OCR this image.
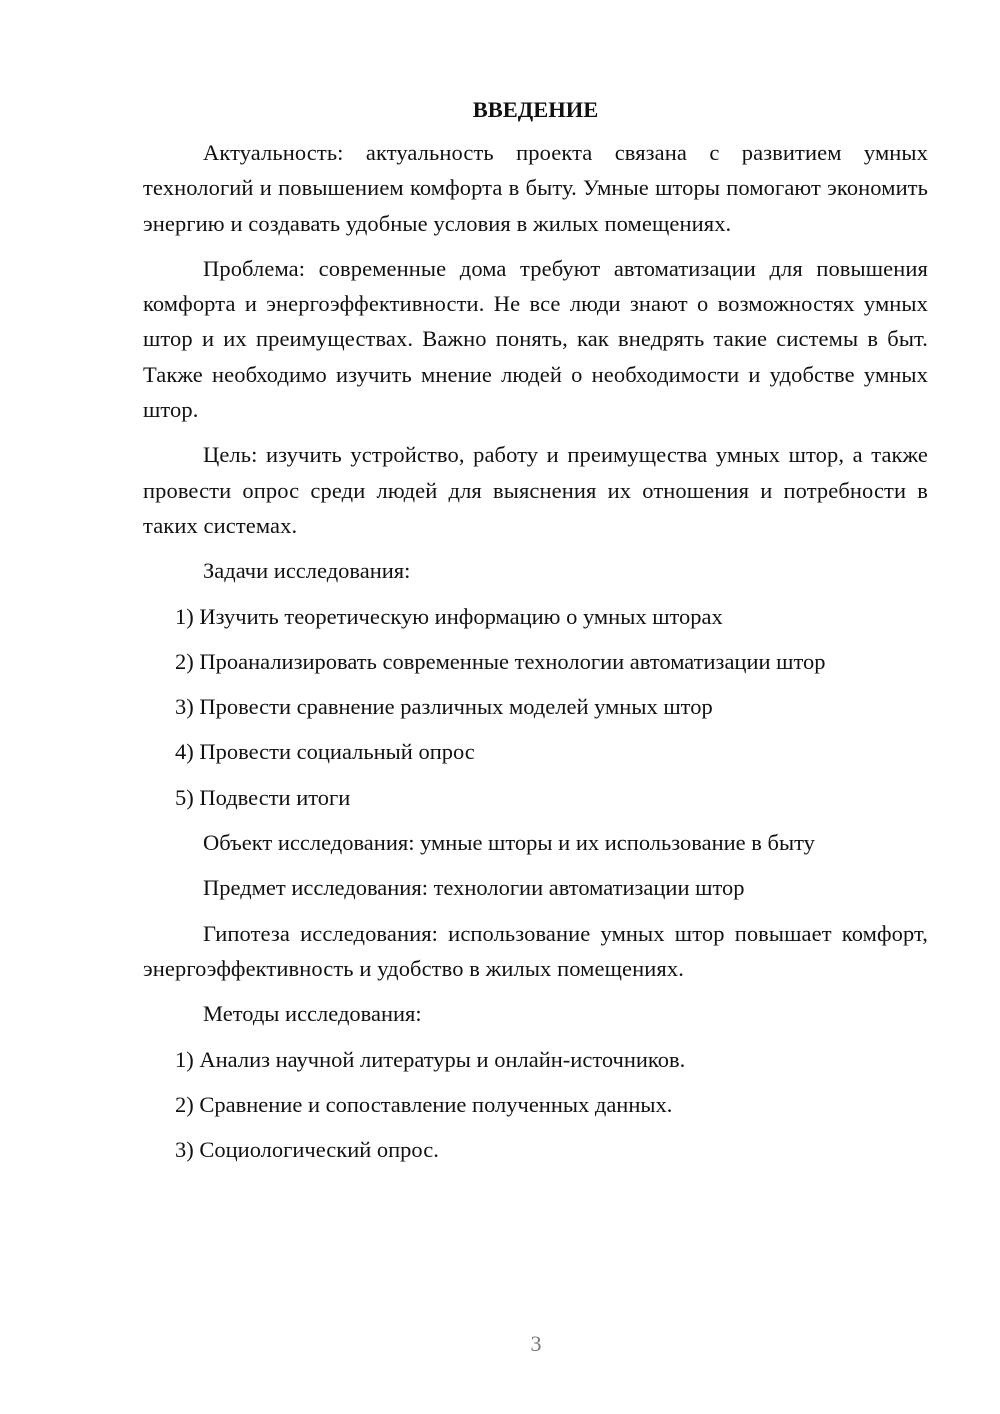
ВВЕДЕНИЕ

Актуальность: актуальность проекта связана с развитием умных технологий и повышением комфорта в быту. Умные шторы помогают экономить энергию и создавать удобные условия в жилых помещениях.

Проблема: современные дома требуют автоматизации для повышения комфорта и энергоэффективности. Не все люди знают о возможностях умных штор и их преимуществах. Важно понять, как внедрять такие системы в быт. Также необходимо изучить мнение людей о необходимости и удобстве умных штор.

Цель: изучить устройство, работу и преимущества умных штор, а также провести опрос среди людей для выяснения их отношения и потребности в таких системах.

Задачи исследования:
1) Изучить теоретическую информацию о умных шторах
2) Проанализировать современные технологии автоматизации штор
3) Провести сравнение различных моделей умных штор
4) Провести социальный опрос
5) Подвести итоги
Объект исследования: умные шторы и их использование в быту
Предмет исследования: технологии автоматизации штор

Гипотеза исследования: использование умных штор повышает комфорт, энергоэффективность и удобство в жилых помещениях.

Методы исследования:
1) Анализ научной литературы и онлайн-источников.
2) Сравнение и сопоставление полученных данных.
3) Социологический опрос.
3
